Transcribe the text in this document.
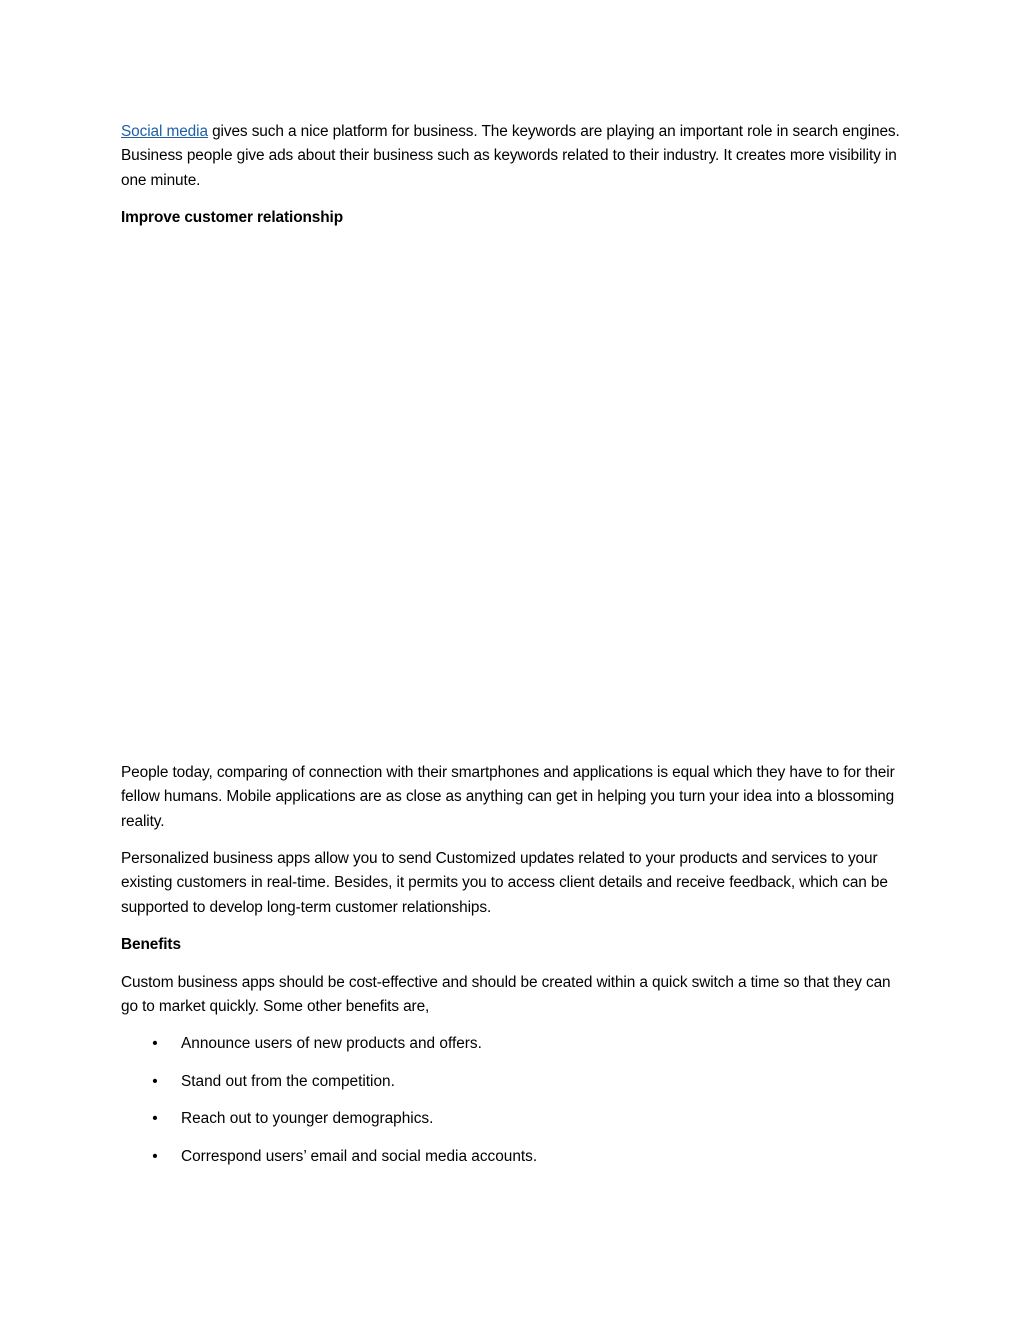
Social media gives such a nice platform for business. The keywords are playing an important role in search engines. Business people give ads about their business such as keywords related to their industry. It creates more visibility in one minute.

Improve customer relationship
People today, comparing of connection with their smartphones and applications is equal which they have to for their fellow humans. Mobile applications are as close as anything can get in helping you turn your idea into a blossoming reality.
Personalized business apps allow you to send Customized updates related to your products and services to your existing customers in real-time. Besides, it permits you to access client details and receive feedback, which can be supported to develop long-term customer relationships.
Benefits
Custom business apps should be cost-effective and should be created within a quick switch a time so that they can go to market quickly. Some other benefits are,
• Announce users of new products and offers.
• Stand out from the competition.
• Reach out to younger demographics.
• Correspond users’ email and social media accounts.
